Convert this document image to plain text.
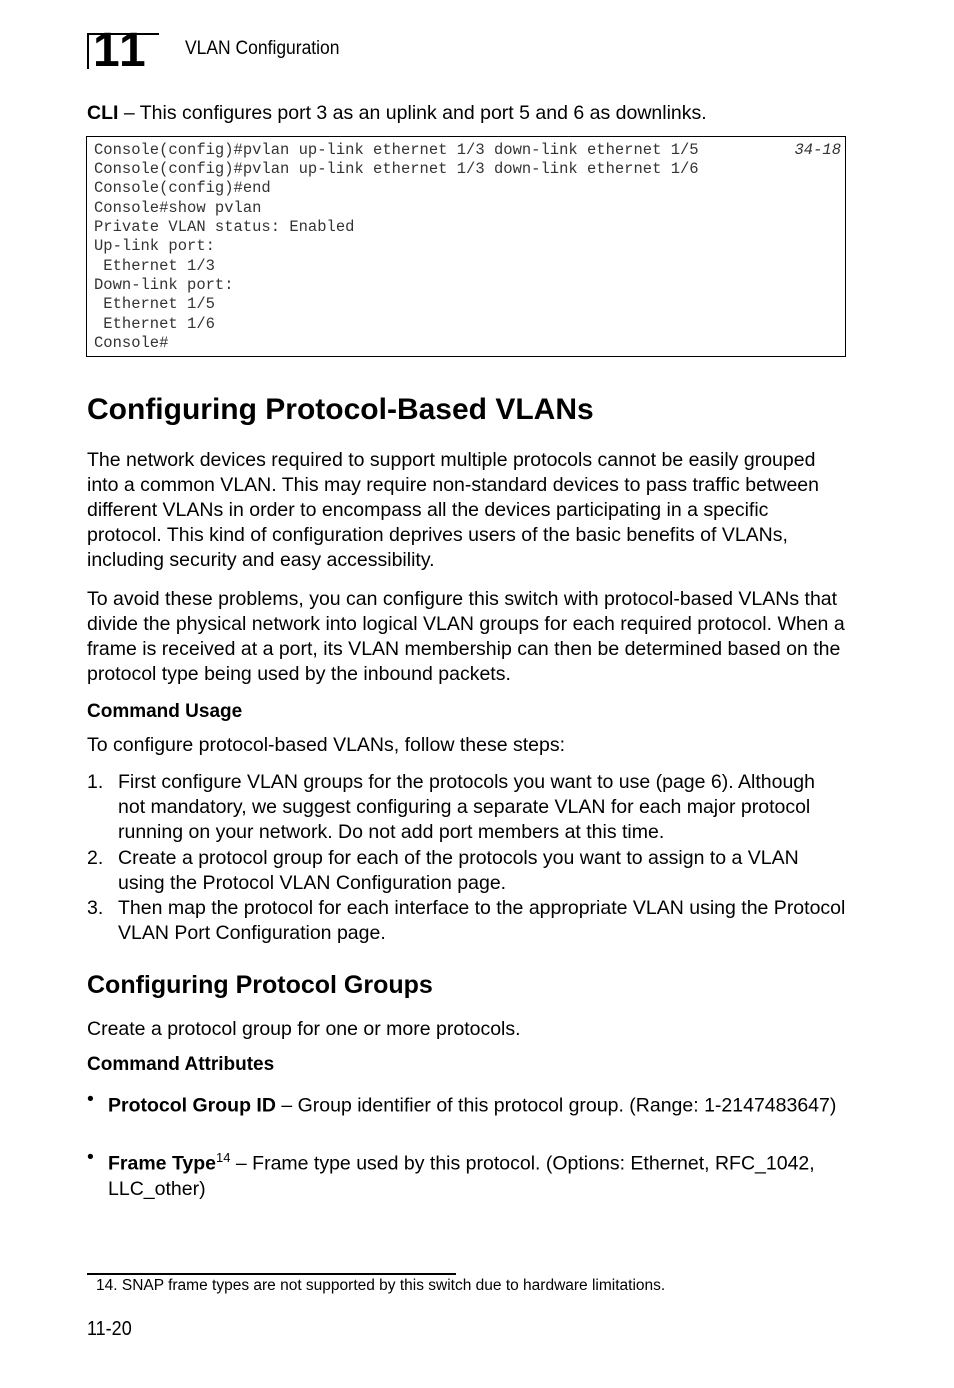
11 VLAN Configuration
CLI – This configures port 3 as an uplink and port 5 and 6 as downlinks.
34-18
Console(config)#pvlan up-link ethernet 1/3 down-link ethernet 1/5
Console(config)#pvlan up-link ethernet 1/3 down-link ethernet 1/6
Console(config)#end
Console#show pvlan
Private VLAN status: Enabled
Up-link port:
Ethernet 1/3
Down-link port:
Ethernet 1/5
Ethernet 1/6
Console#
Configuring Protocol-Based VLANs
The network devices required to support multiple protocols cannot be easily grouped into a common VLAN. This may require non-standard devices to pass traffic between different VLANs in order to encompass all the devices participating in a specific protocol. This kind of configuration deprives users of the basic benefits of VLANs, including security and easy accessibility.
To avoid these problems, you can configure this switch with protocol-based VLANs that divide the physical network into logical VLAN groups for each required protocol. When a frame is received at a port, its VLAN membership can then be determined based on the protocol type being used by the inbound packets.
Command Usage
To configure protocol-based VLANs, follow these steps:
1. First configure VLAN groups for the protocols you want to use (page 6). Although not mandatory, we suggest configuring a separate VLAN for each major protocol running on your network. Do not add port members at this time.
2. Create a protocol group for each of the protocols you want to assign to a VLAN using the Protocol VLAN Configuration page.
3. Then map the protocol for each interface to the appropriate VLAN using the Protocol VLAN Port Configuration page.
Configuring Protocol Groups
Create a protocol group for one or more protocols.
Command Attributes
• Protocol Group ID – Group identifier of this protocol group. (Range: 1-2147483647)
• Frame Type$^{14}$ – Frame type used by this protocol. (Options: Ethernet, RFC_1042, LLC_other)
14. SNAP frame types are not supported by this switch due to hardware limitations.
11-20
